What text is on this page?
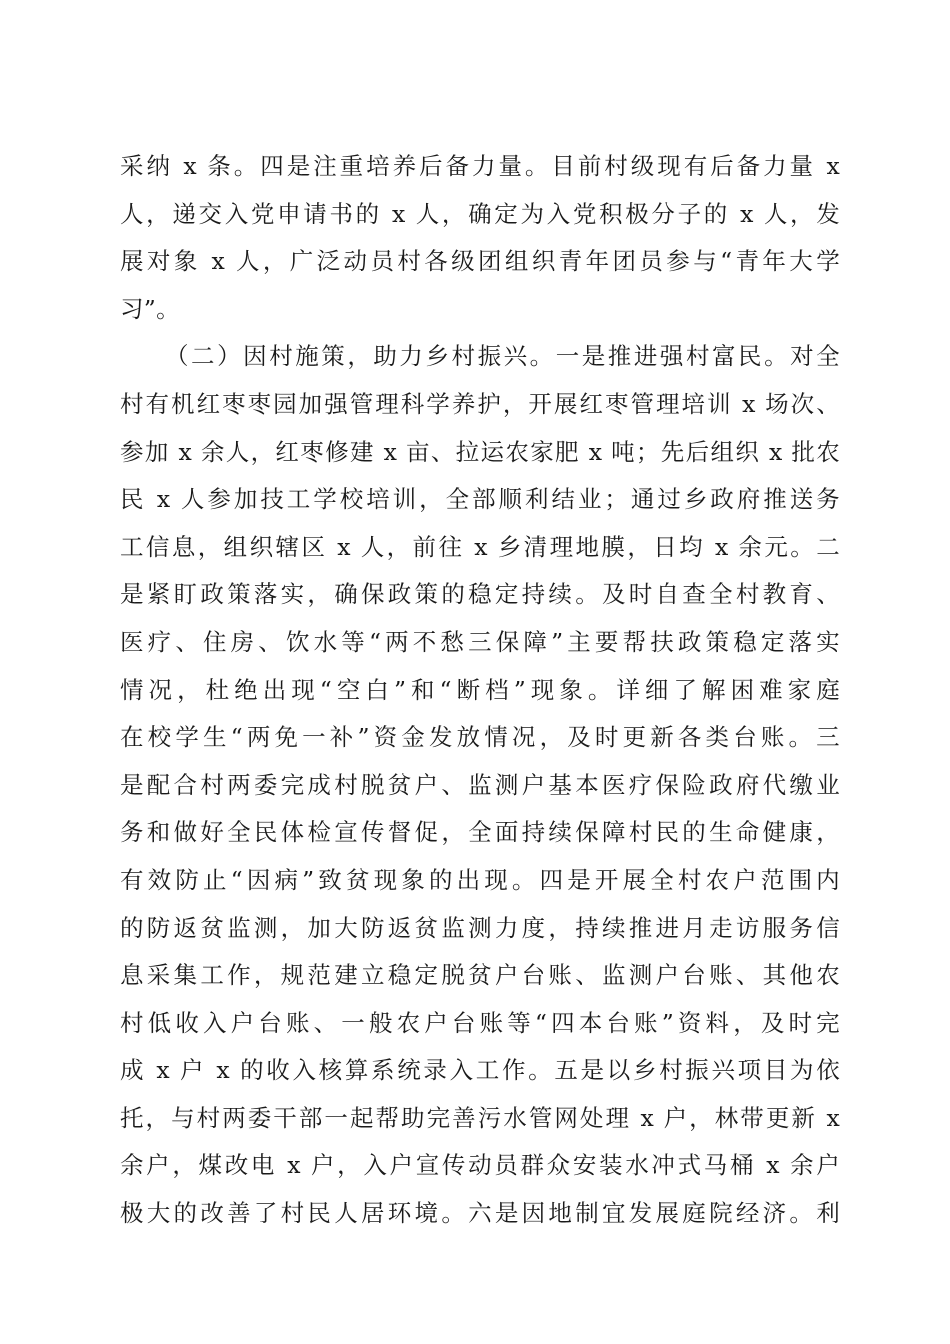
采纳 x 条。四是注重培养后备力量。目前村级现有后备力量 x
人，递交入党申请书的 x 人，确定为入党积极分子的 x 人，发
展对象 x 人，广泛动员村各级团组织青年团员参与“青年大学
习”。
（二）因村施策，助力乡村振兴。一是推进强村富民。对全
村有机红枣枣园加强管理科学养护，开展红枣管理培训 x 场次、
参加 x 余人，红枣修建 x 亩、拉运农家肥 x 吨；先后组织 x 批农
民 x 人参加技工学校培训，全部顺利结业；通过乡政府推送务
工信息，组织辖区 x 人，前往 x 乡清理地膜，日均 x 余元。二
是紧盯政策落实，确保政策的稳定持续。及时自查全村教育、
医疗、住房、饮水等“两不愁三保障”主要帮扶政策稳定落实
情况，杜绝出现“空白”和“断档”现象。详细了解困难家庭
在校学生“两免一补”资金发放情况，及时更新各类台账。三
是配合村两委完成村脱贫户、监测户基本医疗保险政府代缴业
务和做好全民体检宣传督促，全面持续保障村民的生命健康，
有效防止“因病”致贫现象的出现。四是开展全村农户范围内
的防返贫监测，加大防返贫监测力度，持续推进月走访服务信
息采集工作，规范建立稳定脱贫户台账、监测户台账、其他农
村低收入户台账、一般农户台账等“四本台账”资料，及时完
成 x 户 x 的收入核算系统录入工作。五是以乡村振兴项目为依
托，与村两委干部一起帮助完善污水管网处理 x 户，林带更新 x
余户，煤改电 x 户，入户宣传动员群众安装水冲式马桶 x 余户
极大的改善了村民人居环境。六是因地制宜发展庭院经济。利
